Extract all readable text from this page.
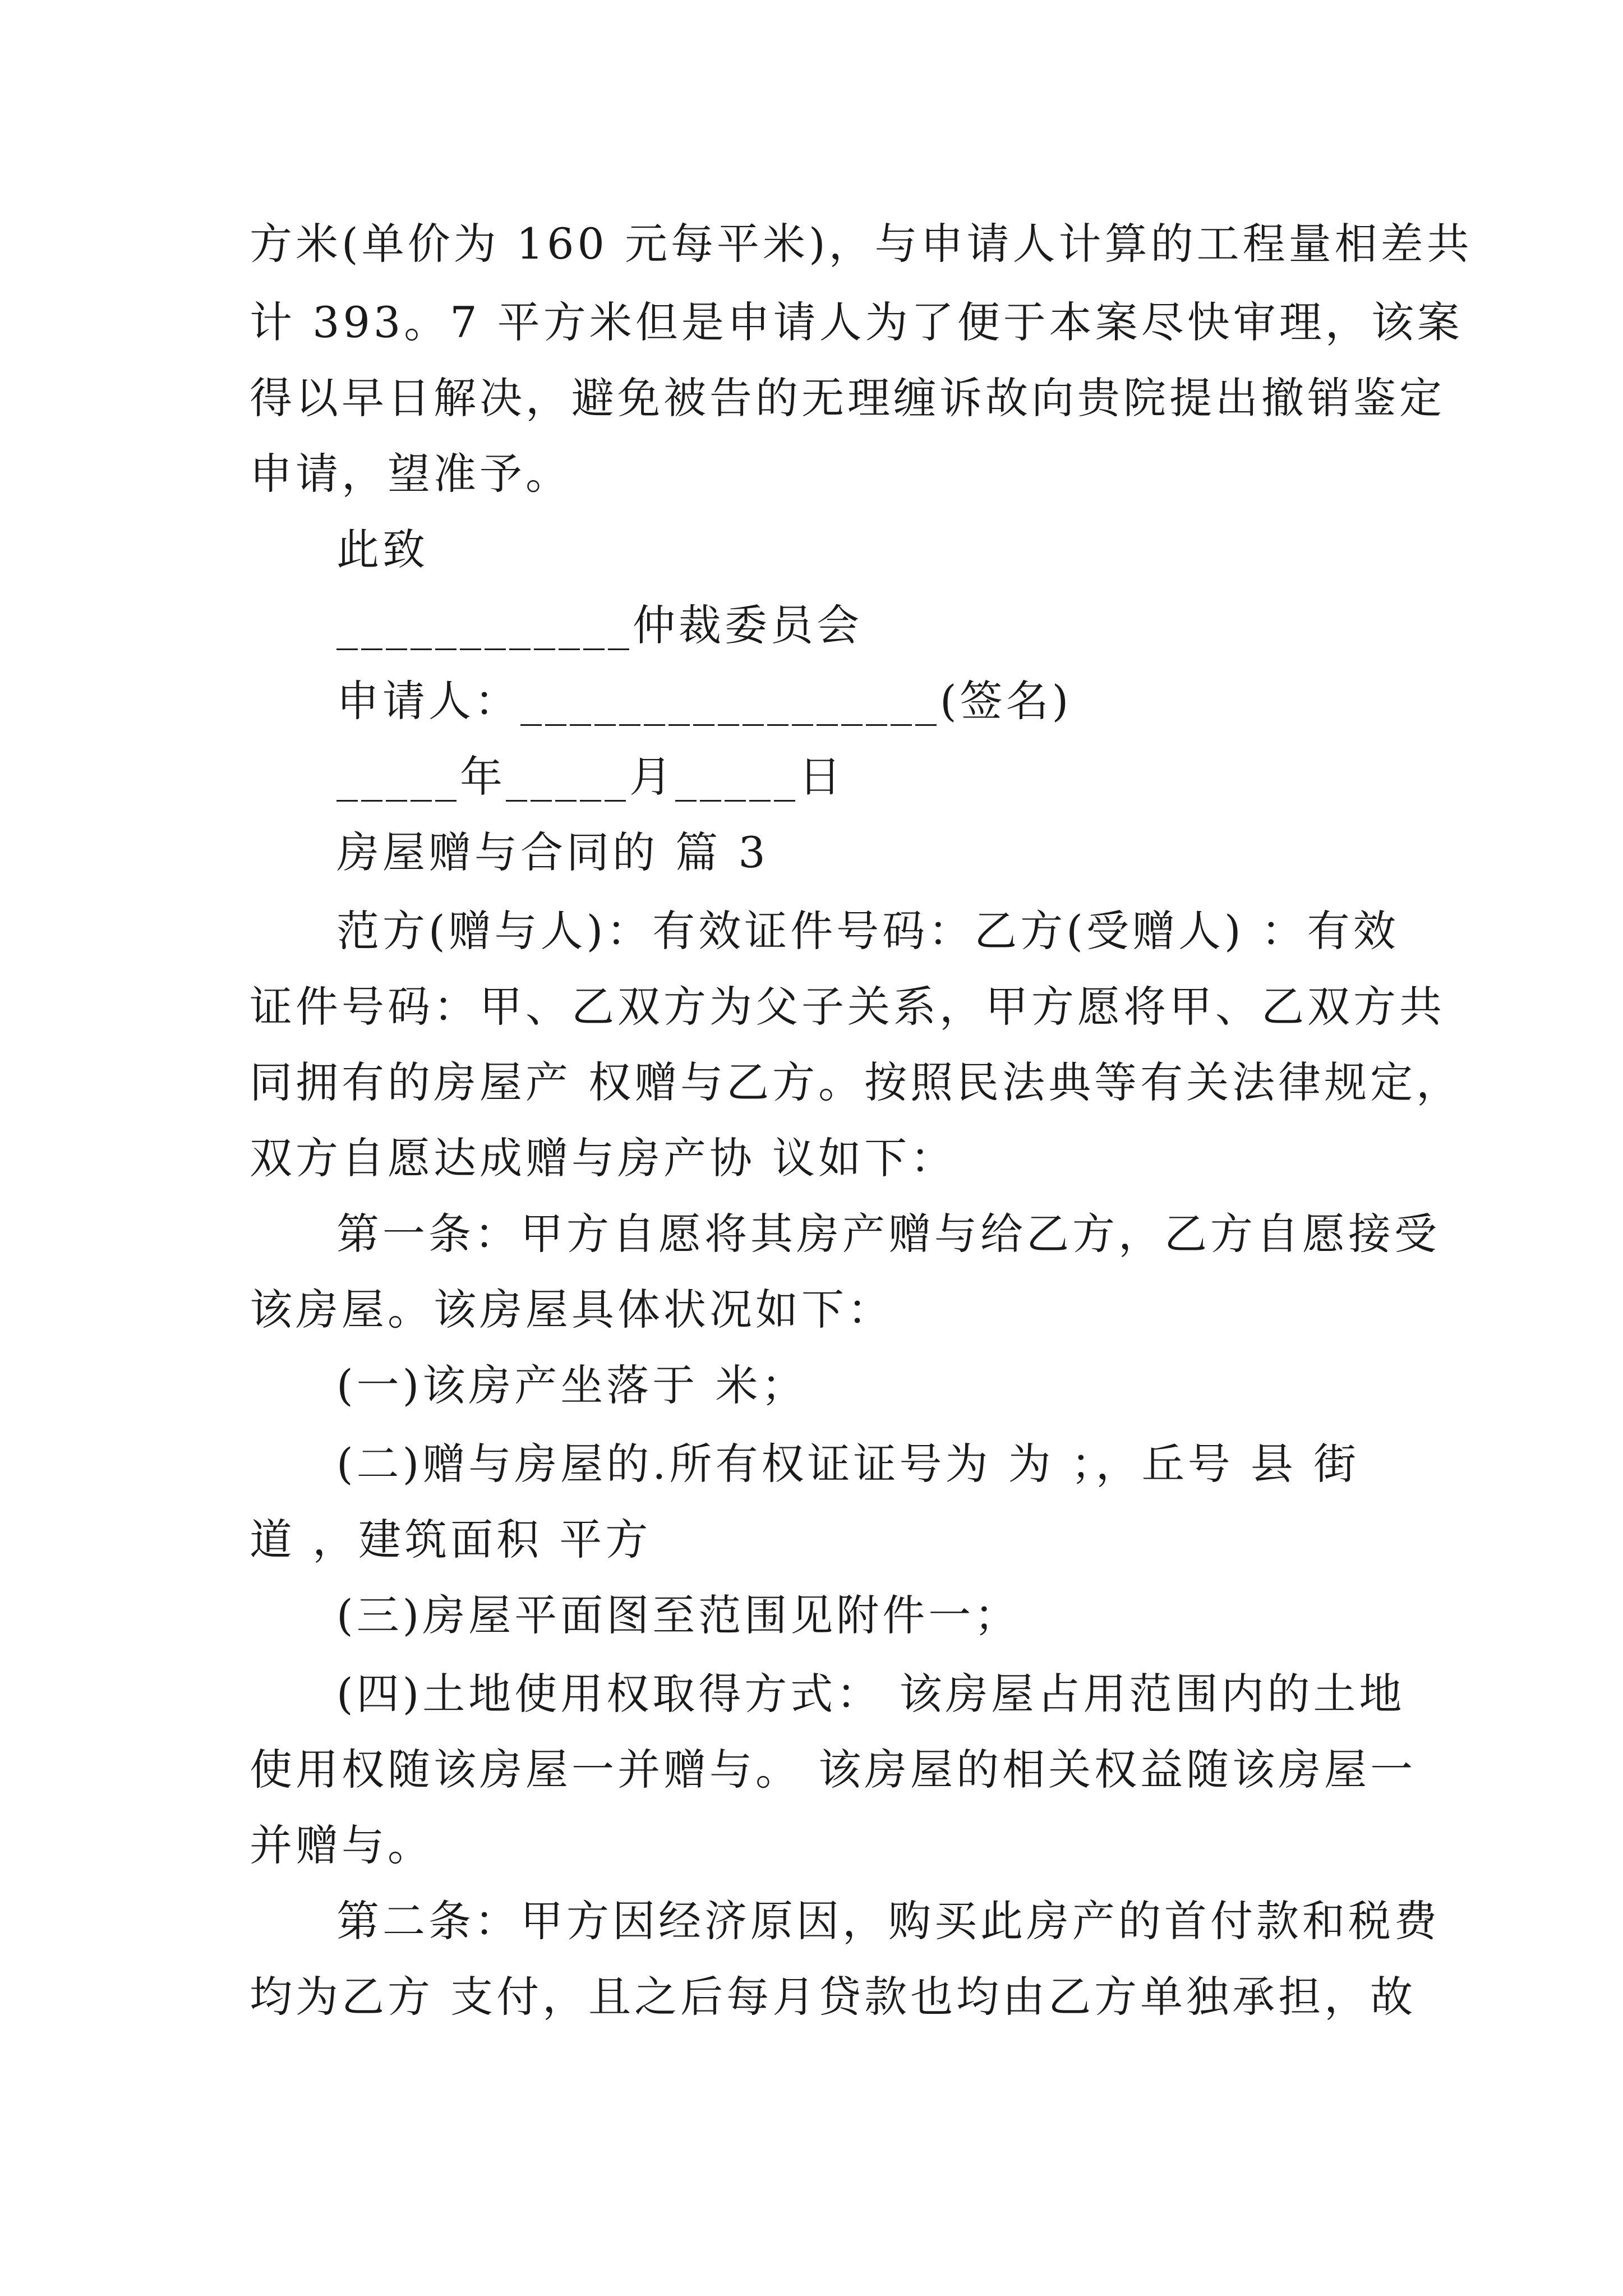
方米(单价为 160 元每平米)，与申请人计算的工程量相差共
计 393。7 平方米但是申请人为了便于本案尽快审理，该案
得以早日解决，避免被告的无理缠诉故向贵院提出撤销鉴定
申请，望准予。
此致
____________仲裁委员会
申请人：_________________(签名)
_____年_____月_____日
房屋赠与合同的 篇 3
范方(赠与人)：有效证件号码：乙方(受赠人) ：有效
证件号码：甲、乙双方为父子关系，甲方愿将甲、乙双方共
同拥有的房屋产 权赠与乙方。按照民法典等有关法律规定，
双方自愿达成赠与房产协 议如下：
第一条：甲方自愿将其房产赠与给乙方，乙方自愿接受
该房屋。该房屋具体状况如下：
(一)该房产坐落于 米；
(二)赠与房屋的.所有权证证号为 为 ；，丘号 县 街
道 ，建筑面积 平方
(三)房屋平面图至范围见附件一；
(四)土地使用权取得方式： 该房屋占用范围内的土地
使用权随该房屋一并赠与。 该房屋的相关权益随该房屋一
并赠与。
第二条：甲方因经济原因，购买此房产的首付款和税费
均为乙方 支付，且之后每月贷款也均由乙方单独承担，故
